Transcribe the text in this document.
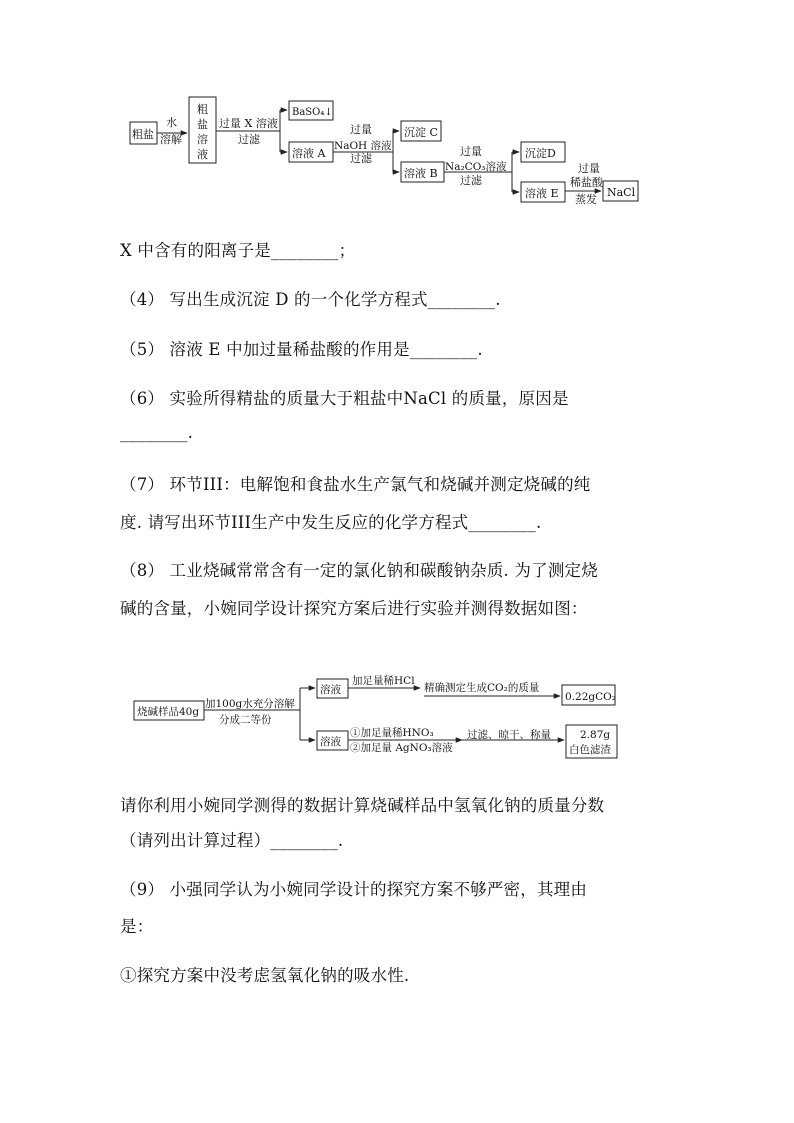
粗盐
水
溶解
粗
盐
溶
液
过量 X 溶液
过滤
BaSO₄↓
溶液 A
过量
NaOH 溶液
过滤
沉淀 C
溶液 B
过量
Na₂CO₃溶液
过滤
沉淀D
溶液 E
过量
稀盐酸
蒸发
NaCl
X 中含有的阳离子是________；
（4） 写出生成沉淀 D 的一个化学方程式________.
（5） 溶液 E 中加过量稀盐酸的作用是________.
（6） 实验所得精盐的质量大于粗盐中NaCl 的质量，原因是
________.
（7） 环节III：电解饱和食盐水生产氯气和烧碱并测定烧碱的纯
度. 请写出环节III生产中发生反应的化学方程式________.
（8） 工业烧碱常常含有一定的氯化钠和碳酸钠杂质. 为了测定烧
碱的含量，小婉同学设计探究方案后进行实验并测得数据如图：
烧碱样品40g
加100g水充分溶解
分成二等份
溶液
加足量稀HCl
精确测定生成CO₂的质量
0.22gCO₂
溶液
①加足量稀HNO₃
②加足量 AgNO₃溶液
过滤、晾干、称量	2.87g
白色滤渣
请你利用小婉同学测得的数据计算烧碱样品中氢氧化钠的质量分数
（请列出计算过程）________.
（9） 小强同学认为小婉同学设计的探究方案不够严密，其理由
是：
①探究方案中没考虑氢氧化钠的吸水性.
